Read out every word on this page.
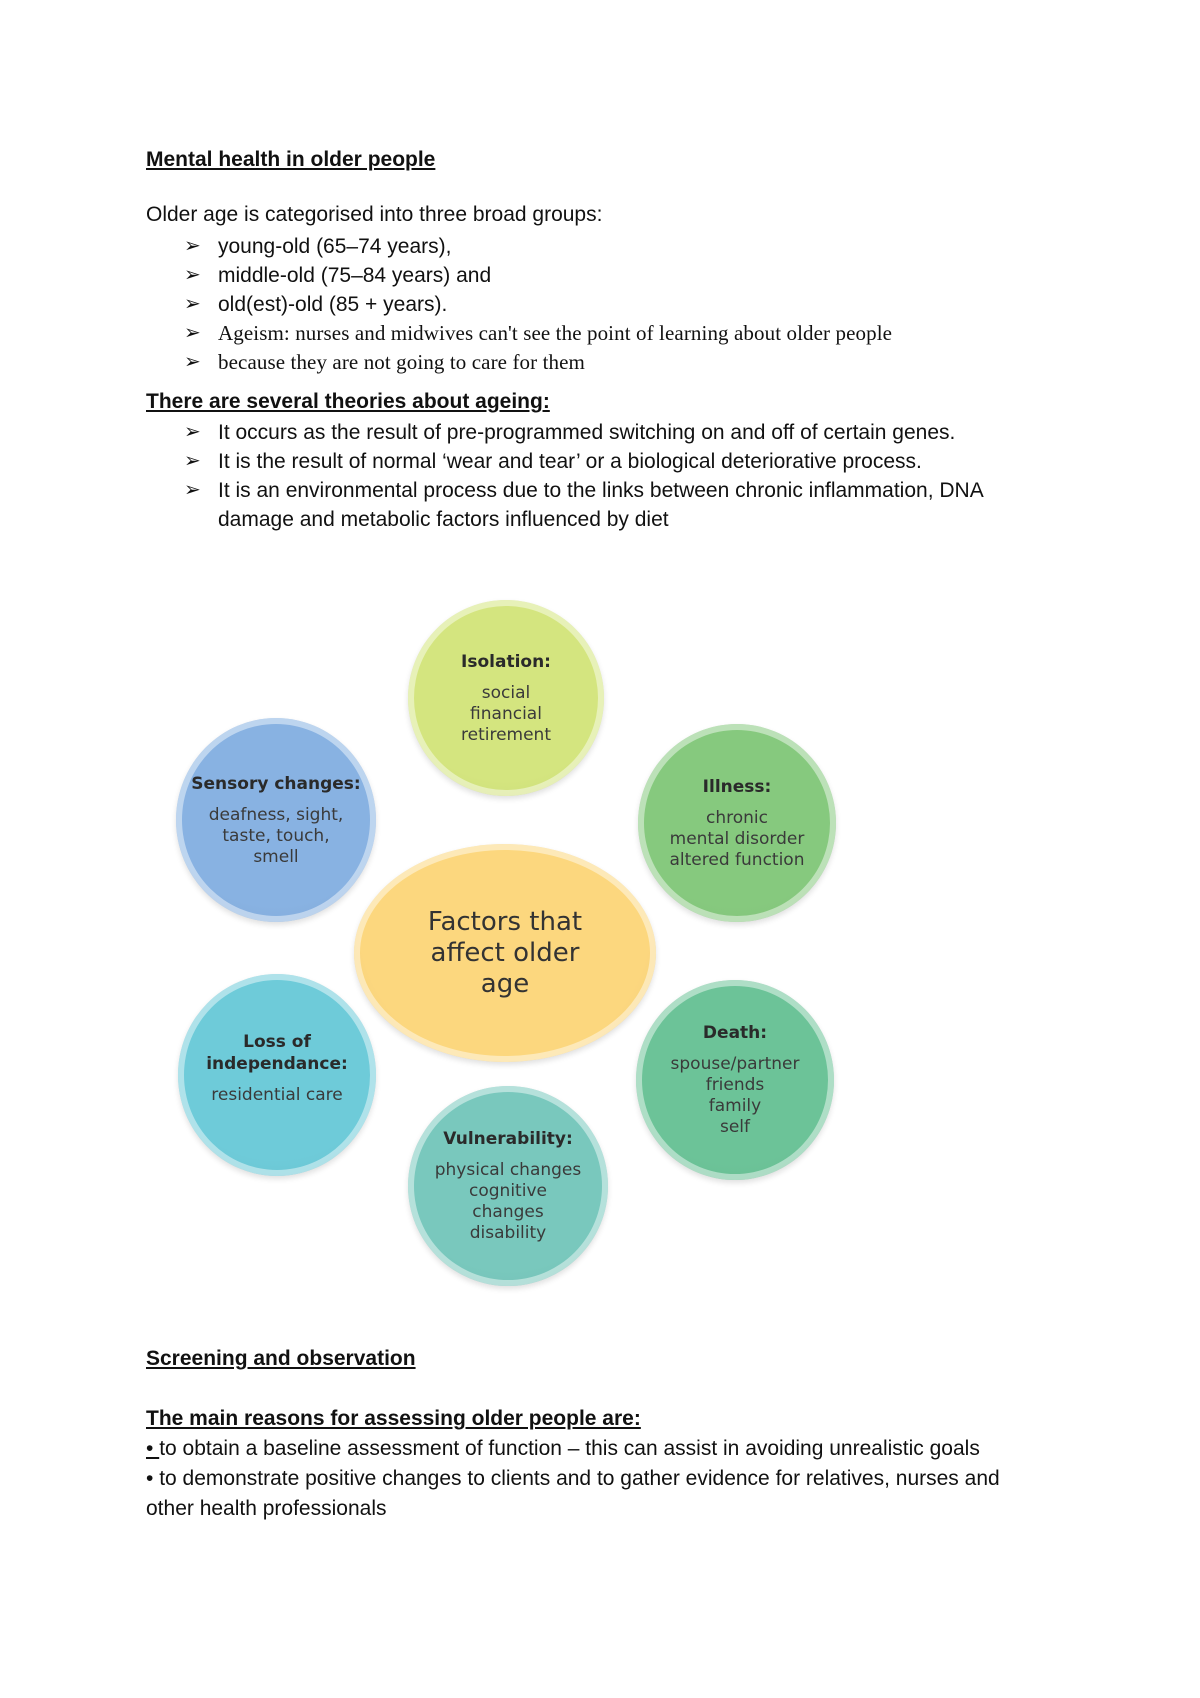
Mental health in older people

Older age is categorised into three broad groups:

➢ young-old (65–74 years),
➢ middle-old (75–84 years) and
➢ old(est)-old (85 + years).
➢ Ageism: nurses and midwives can't see the point of learning about older people
➢ because they are not going to care for them

There are several theories about ageing:

➢ It occurs as the result of pre-programmed switching on and off of certain genes.
➢ It is the result of normal ‘wear and tear’ or a biological deteriorative process.
➢ It is an environmental process due to the links between chronic inflammation, DNA damage and metabolic factors influenced by diet
Factors that affect older age
Isolation:
social
financial
retirement
Illness:
chronic
mental disorder
altered function
Death:
spouse/partner
friends
family
self
Vulnerability:
physical changes
cognitive
changes
disability
Loss of
independance:
residential care
Sensory changes:
deafness, sight,
taste, touch,
smell

Screening and observation

The main reasons for assessing older people are:

• to obtain a baseline assessment of function – this can assist in avoiding unrealistic goals

• to demonstrate positive changes to clients and to gather evidence for relatives, nurses and

other health professionals
